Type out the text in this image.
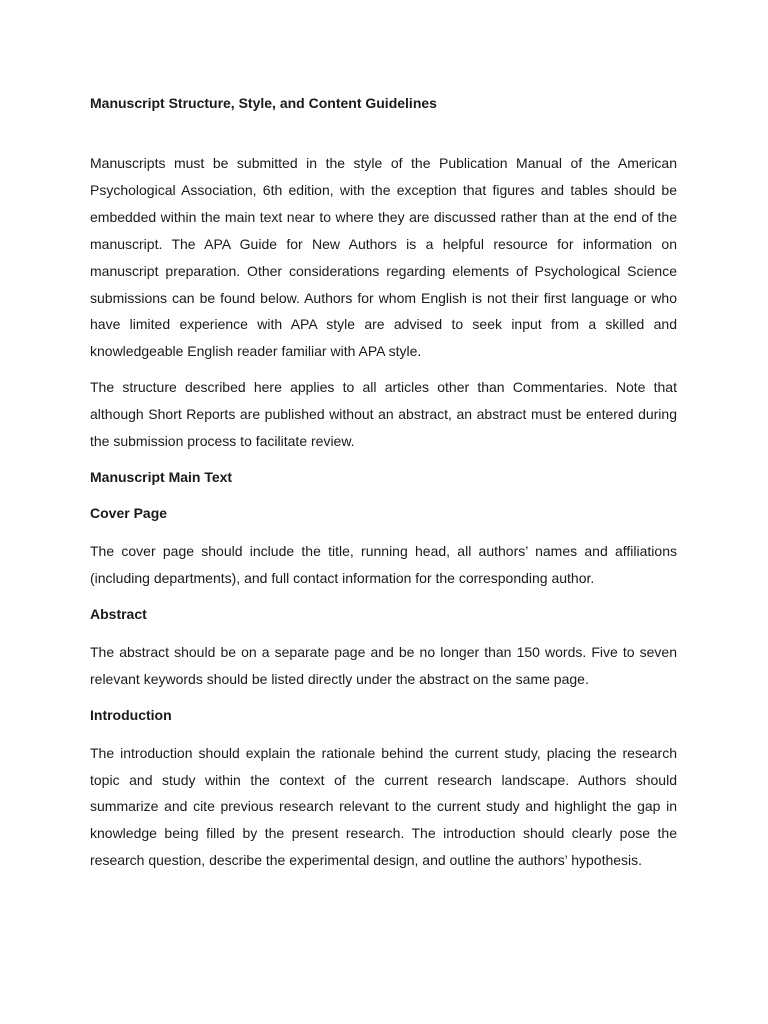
Manuscript Structure, Style, and Content Guidelines

Manuscripts must be submitted in the style of the Publication Manual of the American Psychological Association, 6th edition, with the exception that figures and tables should be embedded within the main text near to where they are discussed rather than at the end of the manuscript. The APA Guide for New Authors is a helpful resource for information on manuscript preparation. Other considerations regarding elements of Psychological Science submissions can be found below. Authors for whom English is not their first language or who have limited experience with APA style are advised to seek input from a skilled and knowledgeable English reader familiar with APA style.

The structure described here applies to all articles other than Commentaries. Note that although Short Reports are published without an abstract, an abstract must be entered during the submission process to facilitate review.

Manuscript Main Text
Cover Page

The cover page should include the title, running head, all authors’ names and affiliations (including departments), and full contact information for the corresponding author.

Abstract

The abstract should be on a separate page and be no longer than 150 words. Five to seven relevant keywords should be listed directly under the abstract on the same page.

Introduction

The introduction should explain the rationale behind the current study, placing the research topic and study within the context of the current research landscape. Authors should summarize and cite previous research relevant to the current study and highlight the gap in knowledge being filled by the present research. The introduction should clearly pose the research question, describe the experimental design, and outline the authors’ hypothesis.
